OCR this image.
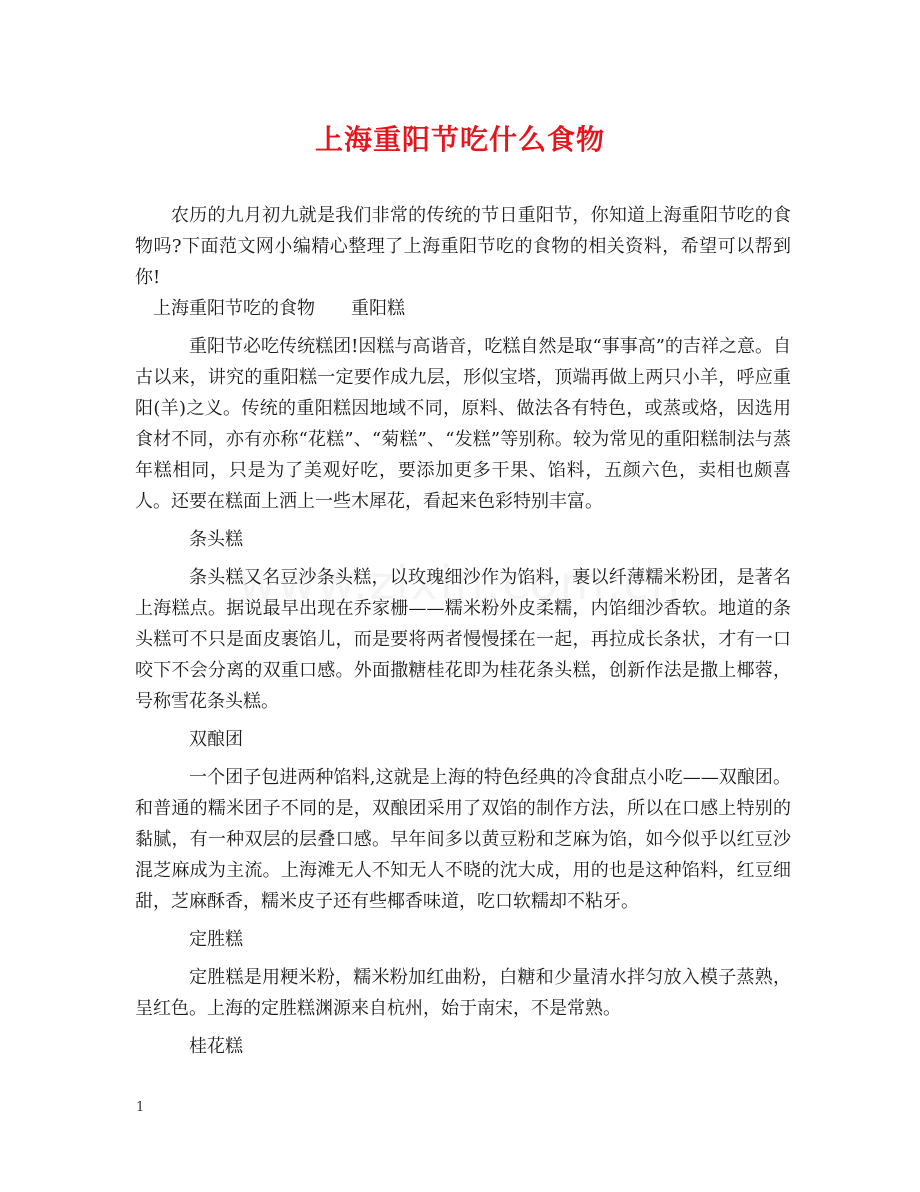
上海重阳节吃什么食物

农历的九月初九就是我们非常的传统的节日重阳节，你知道上海重阳节吃的食物吗?下面范文网小编精心整理了上海重阳节吃的食物的相关资料，希望可以帮到你!

上海重阳节吃的食物 重阳糕

重阳节必吃传统糕团!因糕与高谐音，吃糕自然是取“事事高”的吉祥之意。自古以来，讲究的重阳糕一定要作成九层，形似宝塔，顶端再做上两只小羊，呼应重阳(羊)之义。传统的重阳糕因地域不同，原料、做法各有特色，或蒸或烙，因选用食材不同，亦有亦称“花糕”、“菊糕”、“发糕”等别称。较为常见的重阳糕制法与蒸年糕相同，只是为了美观好吃，要添加更多干果、馅料，五颜六色，卖相也颇喜人。还要在糕面上洒上一些木犀花，看起来色彩特别丰富。

条头糕

条头糕又名豆沙条头糕，以玫瑰细沙作为馅料，裹以纤薄糯米粉团，是著名上海糕点。据说最早出现在乔家栅——糯米粉外皮柔糯，内馅细沙香软。地道的条头糕可不只是面皮裹馅儿，而是要将两者慢慢揉在一起，再拉成长条状，才有一口咬下不会分离的双重口感。外面撒糖桂花即为桂花条头糕，创新作法是撒上椰蓉，号称雪花条头糕。

双酿团

一个团子包进两种馅料,这就是上海的特色经典的冷食甜点小吃——双酿团。和普通的糯米团子不同的是，双酿团采用了双馅的制作方法，所以在口感上特别的黏腻，有一种双层的层叠口感。早年间多以黄豆粉和芝麻为馅，如今似乎以红豆沙混芝麻成为主流。上海滩无人不知无人不晓的沈大成，用的也是这种馅料，红豆细甜，芝麻酥香，糯米皮子还有些椰香味道，吃口软糯却不粘牙。

定胜糕

定胜糕是用粳米粉，糯米粉加红曲粉，白糖和少量清水拌匀放入模子蒸熟，呈红色。上海的定胜糕渊源来自杭州，始于南宋，不是常熟。

桂花糕

1
